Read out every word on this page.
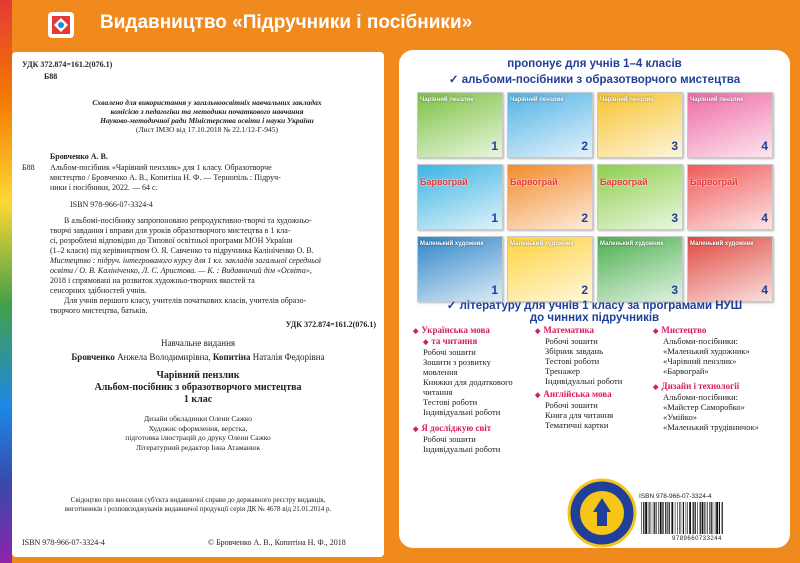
Видавництво «Підручники і посібники»
УДК 372.874=161.2(076.1)
Б88
Схвалено для використання у загальноосвітніх навчальних закладах
комісією з педагогіки та методики початкового навчання
Науково-методичної ради Міністерства освіти і науки України
(Лист ІМЗО від 17.10.2018 № 22.1/12-Г-945)
Бровченко А. В.
Б88 Альбом-посібник «Чарівний пензлик» для 1 класу. Образотворче
мистецтво / Бровченко А. В., Копитіна Н. Ф. — Тернопіль : Підруч-
ники і посібники, 2022. — 64 с.
ISBN 978-966-07-3324-4
В альбомі-посібнику запропоновано репродуктивно-творчі та художньо-
творчі завдання і вправи для уроків образотворчого мистецтва в 1 кла-
сі, розроблені відповідно до Типової освітньої програми МОН України
(1–2 класи) під керівництвом О. Я. Савченко та підручника Калініченко О. В.
Мистецтво : підруч. інтегрованого курсу для 1 кл. закладів загальної середньої
освіти / О. В. Калініченко, Л. С. Аристова. — К. : Видавничий дім «Освіта»,
2018 і спрямовані на розвиток художньо-творчих якостей та
сенсорних здібностей учнів.
Для учнів першого класу, учителів початкових класів, учителів образо-
творчого мистецтва, батьків.
УДК 372.874=161.2(076.1)
Навчальне видання
Бровченко Анжела Володимирівна, Копитіна Наталія Федорівна
Чарівний пензлик
Альбом-посібник з образотворчого мистецтва
1 клас
Дизайн обкладинки Олени Сажко
Художнє оформлення, верстка,
підготовка ілюстрацій до друку Олени Сажко
Літературний редактор Інна Атаманюк
Свідоцтво про внесення суб'єкта видавничої справи до державного реєстру видавців,
виготівників і розповсюджувачів видавничої продукції серія ДК № 4678 від 21.01.2014 р.
ISBN 978-966-07-3324-4	© Бровченко А. В., Копитіна Н. Ф., 2018
пропонує для учнів 1–4 класів
✓ альбоми-посібники з образотворчого мистецтва
Чарівний пензлик
1
Чарівний пензлик
2
Чарівний пензлик
3
Чарівний пензлик
4
Барвограй
1
Барвограй
2
Барвограй
3
Барвограй
4
Маленький художник
1
Маленький художник
2
Маленький художник
3
Маленький художник
4
✓ літературу для учнів 1 класу за програмами НУШ
до чинних підручників
◆ Українська мова
◆ та читання
Робочі зошити
Зошити з розвитку
мовлення
Книжки для додаткового
читання
Тестові роботи
Індивідуальні роботи
◆ Я досліджую світ
Робочі зошити
Індивідуальні роботи
◆ Математика
Робочі зошити
Збірник завдань
Тестові роботи
Тренажер
Індивідуальні роботи
◆ Англійська мова
Робочі зошити
Книга для читання
Тематичні картки
◆ Мистецтво
Альбоми-посібники:
«Маленький художник»
«Чарівний пензлик»
«Барвограй»
◆ Дизайн і технології
Альбоми-посібники:
«Майстер Саморобко»
«Умійко»
«Маленький трудівничок»
ISBN 978-966-07-3324-4
9789660733244
